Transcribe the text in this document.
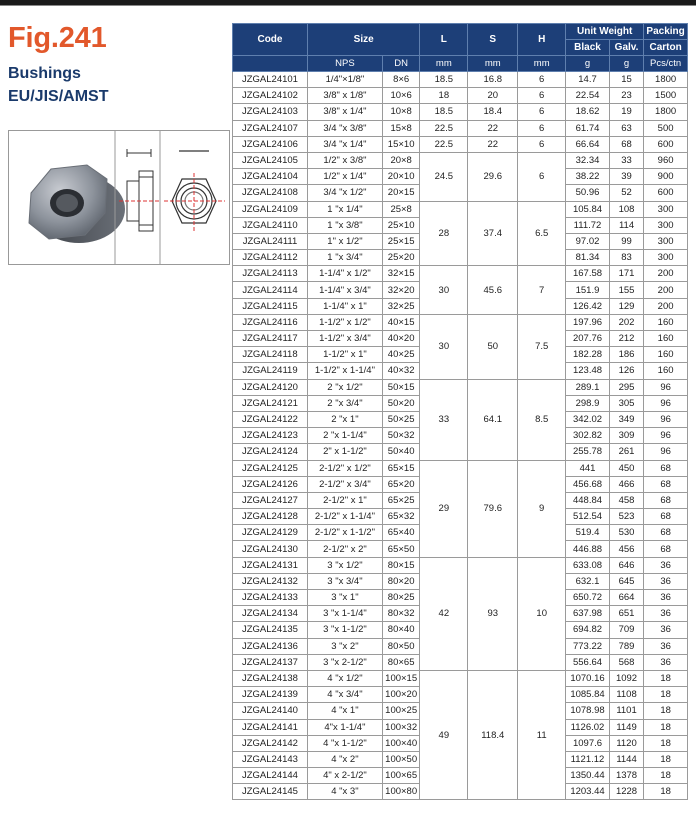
Fig.241
Bushings
EU/JIS/AMST
Code	Size		L	S	H	Unit Weight		Packing
						Black	Galv.	Carton
	NPS	DN	mm	mm	mm	g	g	Pcs/ctn
JZGAL24101	1/4"×1/8"	8×6	18.5	16.8	6	14.7	15	1800
JZGAL24102	3/8" x 1/8"	10×6	18	20	6	22.54	23	1500
JZGAL24103	3/8" x 1/4"	10×8	18.5	18.4	6	18.62	19	1800
JZGAL24107	3/4 "x 3/8"	15×8	22.5	22	6	61.74	63	500
JZGAL24106	3/4 "x 1/4"	15×10	22.5	22	6	66.64	68	600
JZGAL24105	1/2" x 3/8"	20×8	24.5	29.6	6	32.34	33	960
JZGAL24104	1/2" x 1/4"	20×10				38.22	39	900
JZGAL24108	3/4 "x 1/2"	20×15				50.96	52	600
JZGAL24109	1 "x 1/4"	25×8	28	37.4	6.5	105.84	108	300
JZGAL24110	1 "x 3/8"	25×10				111.72	114	300
JZGAL24111	1" x 1/2"	25×15				97.02	99	300
JZGAL24112	1 "x 3/4"	25×20				81.34	83	300
JZGAL24113	1-1/4" x 1/2"	32×15	30	45.6	7	167.58	171	200
JZGAL24114	1-1/4" x 3/4"	32×20				151.9	155	200
JZGAL24115	1-1/4" x 1"	32×25				126.42	129	200
JZGAL24116	1-1/2" x 1/2"	40×15	30	50	7.5	197.96	202	160
JZGAL24117	1-1/2" x 3/4"	40×20				207.76	212	160
JZGAL24118	1-1/2" x 1"	40×25				182.28	186	160
JZGAL24119	1-1/2" x 1-1/4"	40×32				123.48	126	160
JZGAL24120	2 "x 1/2"	50×15	33	64.1	8.5	289.1	295	96
JZGAL24121	2 "x 3/4"	50×20				298.9	305	96
JZGAL24122	2 "x 1"	50×25				342.02	349	96
JZGAL24123	2 "x 1-1/4"	50×32				302.82	309	96
JZGAL24124	2" x 1-1/2"	50×40				255.78	261	96
JZGAL24125	2-1/2" x 1/2"	65×15	29	79.6	9	441	450	68
JZGAL24126	2-1/2" x 3/4"	65×20				456.68	466	68
JZGAL24127	2-1/2" x 1"	65×25				448.84	458	68
JZGAL24128	2-1/2" x 1-1/4"	65×32				512.54	523	68
JZGAL24129	2-1/2" x 1-1/2"	65×40				519.4	530	68
JZGAL24130	2-1/2" x 2"	65×50				446.88	456	68
JZGAL24131	3 "x 1/2"	80×15	42	93	10	633.08	646	36
JZGAL24132	3 "x 3/4"	80×20				632.1	645	36
JZGAL24133	3 "x 1"	80×25				650.72	664	36
JZGAL24134	3 "x 1-1/4"	80×32				637.98	651	36
JZGAL24135	3 "x 1-1/2"	80×40				694.82	709	36
JZGAL24136	3 "x 2"	80×50				773.22	789	36
JZGAL24137	3 "x 2-1/2"	80×65				556.64	568	36
JZGAL24138	4 "x 1/2"	100×15	49	118.4	11	1070.16	1092	18
JZGAL24139	4 "x 3/4"	100×20				1085.84	1108	18
JZGAL24140	4 "x 1"	100×25				1078.98	1101	18
JZGAL24141	4"x 1-1/4"	100×32				1126.02	1149	18
JZGAL24142	4 "x 1-1/2"	100×40				1097.6	1120	18
JZGAL24143	4 "x 2"	100×50				1121.12	1144	18
JZGAL24144	4" x 2-1/2"	100×65				1350.44	1378	18
JZGAL24145	4 "x 3"	100×80				1203.44	1228	18
